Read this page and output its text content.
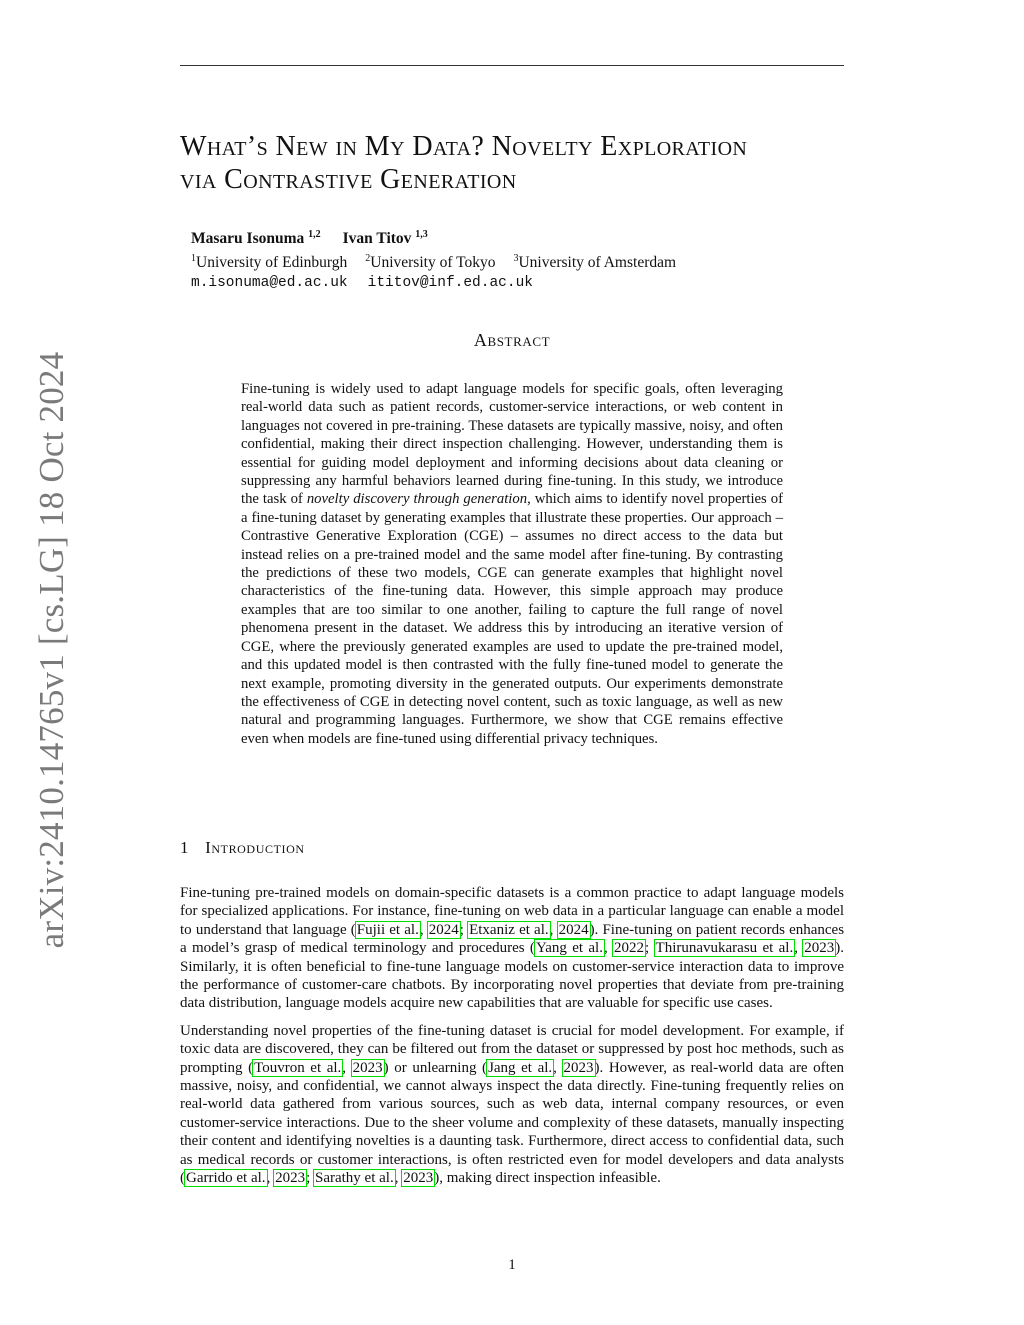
arXiv:2410.14765v1 [cs.LG] 18 Oct 2024
What’s New in My Data? Novelty Exploration
via Contrastive Generation
Masaru Isonuma $^{1,2}$ Ivan Titov $^{1,3}$
$^1$University of Edinburgh $^2$University of Tokyo $^3$University of Amsterdam
m.isonuma@ed.ac.uk ititov@inf.ed.ac.uk
Abstract

Fine-tuning is widely used to adapt language models for specific goals, often leveraging real-world data such as patient records, customer-service interactions, or web content in languages not covered in pre-training. These datasets are typically massive, noisy, and often confidential, making their direct inspection challenging. However, understanding them is essential for guiding model deployment and informing decisions about data cleaning or suppressing any harmful behaviors learned during fine-tuning. In this study, we introduce the task of novelty discovery through generation, which aims to identify novel properties of a fine-tuning dataset by generating examples that illustrate these properties. Our approach – Contrastive Generative Exploration (CGE) – assumes no direct access to the data but instead relies on a pre-trained model and the same model after fine-tuning. By contrasting the predictions of these two models, CGE can generate examples that highlight novel characteristics of the fine-tuning data. However, this simple approach may produce examples that are too similar to one another, failing to capture the full range of novel phenomena present in the dataset. We address this by introducing an iterative version of CGE, where the previously generated examples are used to update the pre-trained model, and this updated model is then contrasted with the fully fine-tuned model to generate the next example, promoting diversity in the generated outputs. Our experiments demonstrate the effectiveness of CGE in detecting novel content, such as toxic language, as well as new natural and programming languages. Furthermore, we show that CGE remains effective even when models are fine-tuned using differential privacy techniques.

1 Introduction

Fine-tuning pre-trained models on domain-specific datasets is a common practice to adapt language models for specialized applications. For instance, fine-tuning on web data in a particular language can enable a model to understand that language (Fujii et al., 2024; Etxaniz et al., 2024). Fine-tuning on patient records enhances a model’s grasp of medical terminology and procedures (Yang et al., 2022; Thirunavukarasu et al., 2023). Similarly, it is often beneficial to fine-tune language models on customer-service interaction data to improve the performance of customer-care chatbots. By incorporating novel properties that deviate from pre-training data distribution, language models acquire new capabilities that are valuable for specific use cases.

Understanding novel properties of the fine-tuning dataset is crucial for model development. For example, if toxic data are discovered, they can be filtered out from the dataset or suppressed by post hoc methods, such as prompting (Touvron et al., 2023) or unlearning (Jang et al., 2023). However, as real-world data are often massive, noisy, and confidential, we cannot always inspect the data directly. Fine-tuning frequently relies on real-world data gathered from various sources, such as web data, internal company resources, or even customer-service interactions. Due to the sheer volume and complexity of these datasets, manually inspecting their content and identifying novelties is a daunting task. Furthermore, direct access to confidential data, such as medical records or customer interactions, is often restricted even for model developers and data analysts (Garrido et al., 2023; Sarathy et al., 2023), making direct inspection infeasible.

1
